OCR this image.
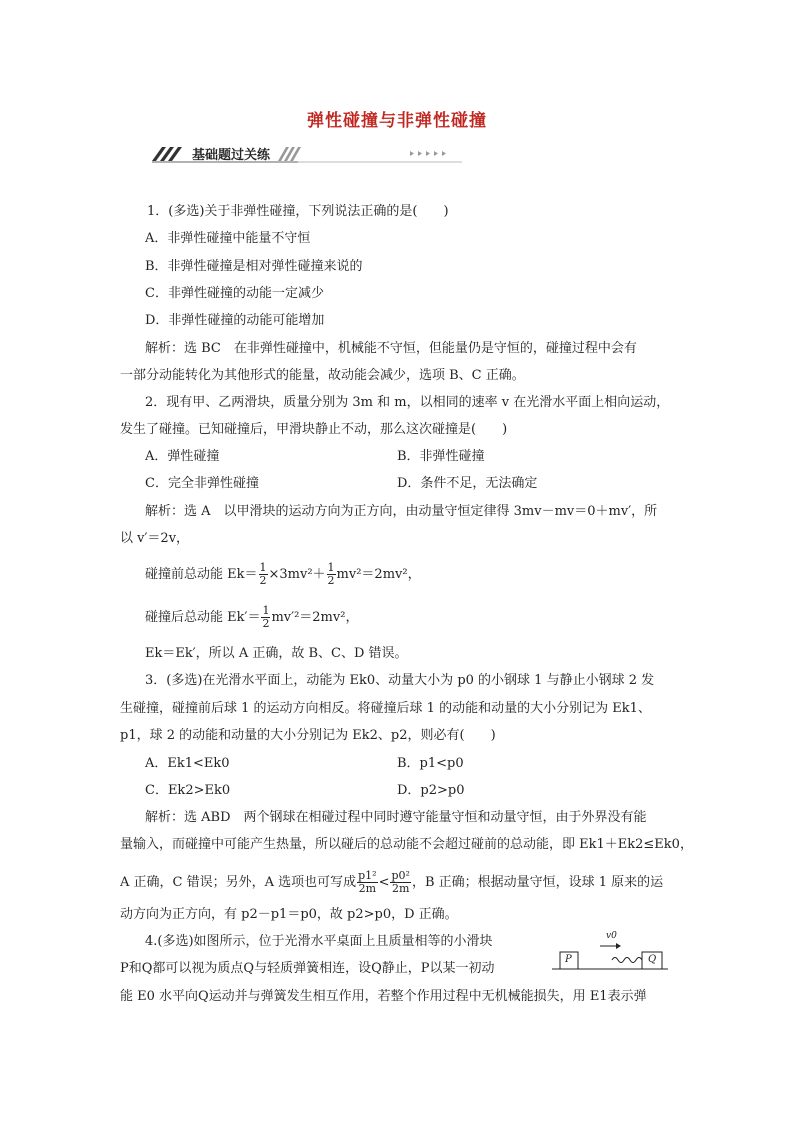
弹性碰撞与非弹性碰撞
基础题过关练
1．(多选)关于非弹性碰撞，下列说法正确的是(　　)
A．非弹性碰撞中能量不守恒
B．非弹性碰撞是相对弹性碰撞来说的
C．非弹性碰撞的动能一定减少
D．非弹性碰撞的动能可能增加
解析：选 BC　在非弹性碰撞中，机械能不守恒，但能量仍是守恒的，碰撞过程中会有
一部分动能转化为其他形式的能量，故动能会减少，选项 B、C 正确。
2．现有甲、乙两滑块，质量分别为 3m 和 m，以相同的速率 v 在光滑水平面上相向运动，
发生了碰撞。已知碰撞后，甲滑块静止不动，那么这次碰撞是(　　)
A．弹性碰撞	B．非弹性碰撞
C．完全非弹性碰撞	D．条件不足，无法确定
解析：选 A　以甲滑块的运动方向为正方向，由动量守恒定律得 3mv－mv＝0＋mv′，所
以 v′＝2v，
碰撞前总动能 $Ek= \frac{1}{2} \times 3mv^2+ \frac{1}{2} mv^2=2mv^2$，
碰撞后总动能 $Ek'= \frac{1}{2} mv'^2=2mv^2$，
Ek＝Ek′，所以 A 正确，故 B、C、D 错误。
3．(多选)在光滑水平面上，动能为 Ek0、动量大小为 p0 的小钢球 1 与静止小钢球 2 发
生碰撞，碰撞前后球 1 的运动方向相反。将碰撞后球 1 的动能和动量的大小分别记为 Ek1、
p1，球 2 的动能和动量的大小分别记为 Ek2、p2，则必有(　　)
A．Ek1<Ek0	B．p1<p0
C．Ek2>Ek0	D．p2>p0
解析：选 ABD　两个钢球在相碰过程中同时遵守能量守恒和动量守恒，由于外界没有能
量输入，而碰撞中可能产生热量，所以碰后的总动能不会超过碰前的总动能，即 Ek1＋Ek2≤Ek0，
A 正确，C 错误；另外，A 选项也可写成 $\frac{\text{p1²}}{2m} < \frac{\text{p0²}}{2m}$ ，B 正确；根据动量守恒，设球 1 原来的运
动方向为正方向，有 p2－p1＝p0，故 p2>p0，D 正确。
4.(多选)如图所示，位于光滑水平桌面上且质量相等的小滑块
P和Q都可以视为质点Q与轻质弹簧相连，设Q静止，P以某一初动
能 E0 水平向Q运动并与弹簧发生相互作用，若整个作用过程中无机械能损失，用 E1表示弹
P	Q
v0
